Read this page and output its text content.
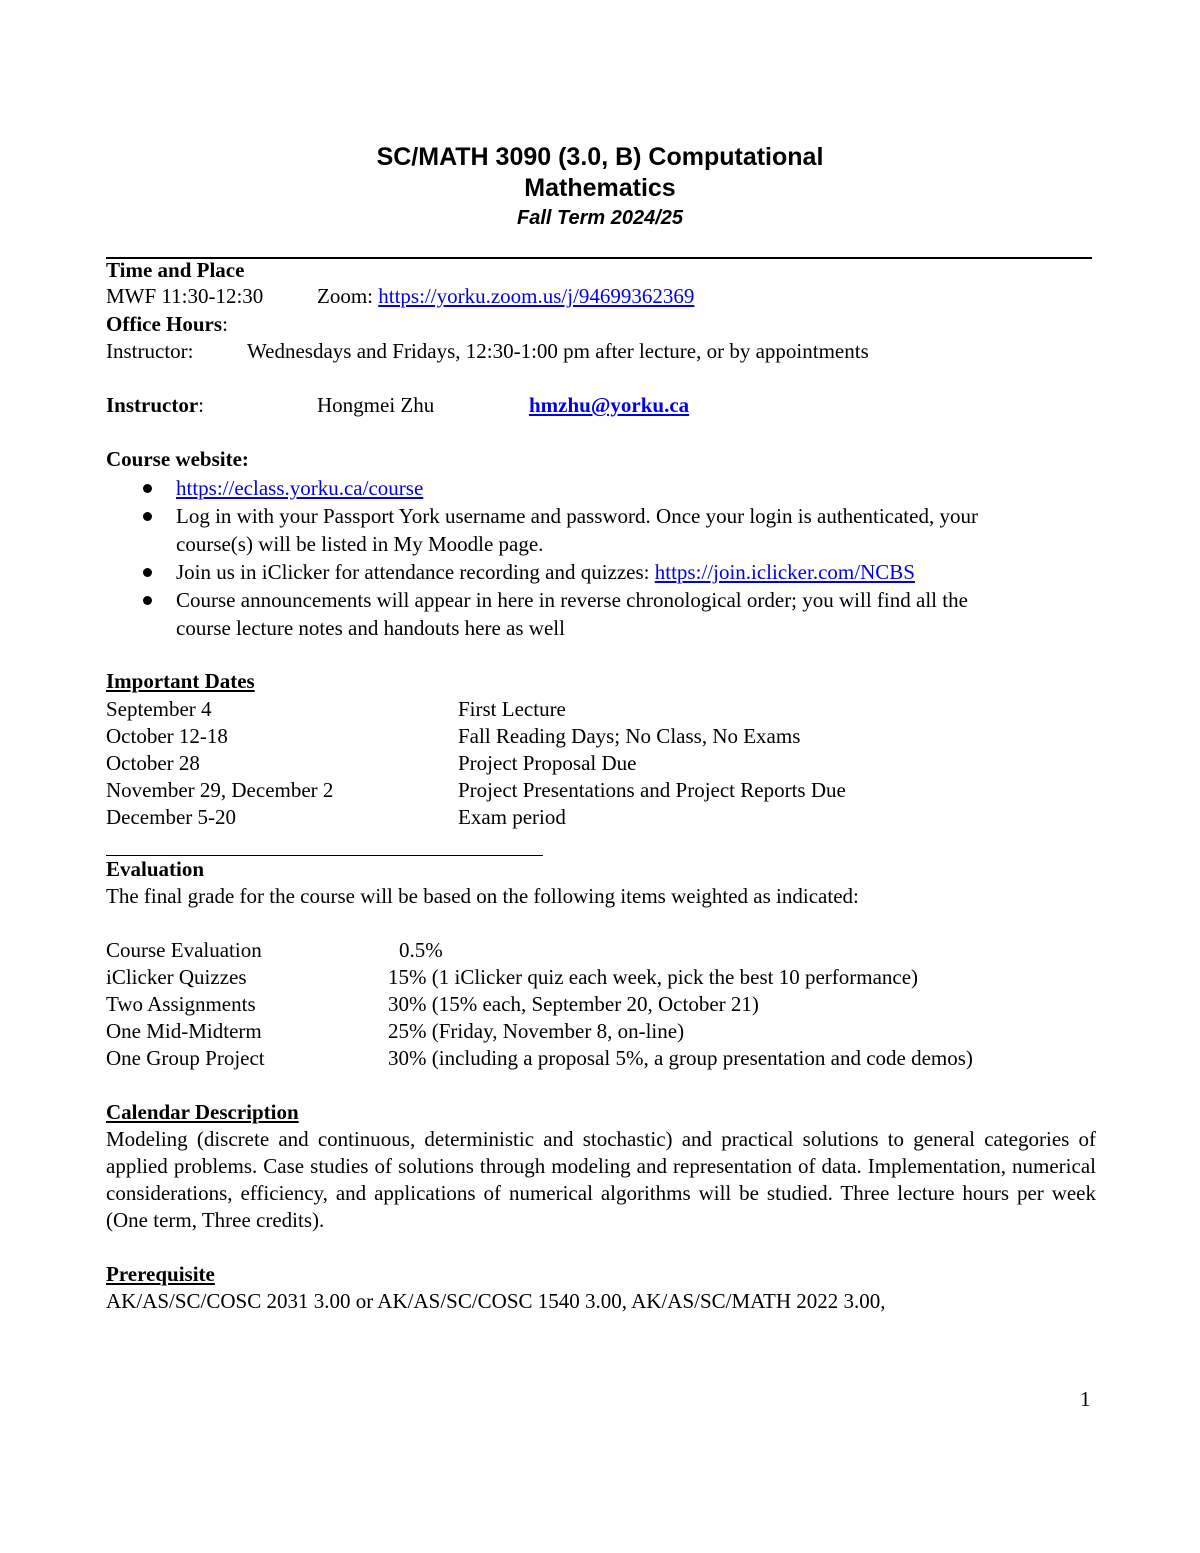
SC/MATH 3090 (3.0, B) Computational
Mathematics
Fall Term 2024/25
Time and Place
MWF 11:30-12:30	Zoom: https://yorku.zoom.us/j/94699362369
Office Hours:
Instructor:	Wednesdays and Fridays, 12:30-1:00 pm after lecture, or by appointments
Instructor:	Hongmei Zhu	hmzhu@yorku.ca
Course website:
https://eclass.yorku.ca/course
Log in with your Passport York username and password. Once your login is authenticated, your
course(s) will be listed in My Moodle page.
Join us in iClicker for attendance recording and quizzes: https://join.iclicker.com/NCBS
Course announcements will appear in here in reverse chronological order; you will find all the
course lecture notes and handouts here as well
Important Dates
September 4	First Lecture
October 12-18	Fall Reading Days; No Class, No Exams
October 28	Project Proposal Due
November 29, December 2	Project Presentations and Project Reports Due
December 5-20	Exam period
Evaluation
The final grade for the course will be based on the following items weighted as indicated:
Course Evaluation	0.5%
iClicker Quizzes	15% (1 iClicker quiz each week, pick the best 10 performance)
Two Assignments	30% (15% each, September 20, October 21)
One Mid-Midterm	25% (Friday, November 8, on-line)
One Group Project	30% (including a proposal 5%, a group presentation and code demos)
Calendar Description
Modeling (discrete and continuous, deterministic and stochastic) and practical solutions to general categories of applied problems. Case studies of solutions through modeling and representation of data. Implementation, numerical considerations, efficiency, and applications of numerical algorithms will be studied. Three lecture hours per week (One term, Three credits).
Prerequisite
AK/AS/SC/COSC 2031 3.00 or AK/AS/SC/COSC 1540 3.00, AK/AS/SC/MATH 2022 3.00,
1
